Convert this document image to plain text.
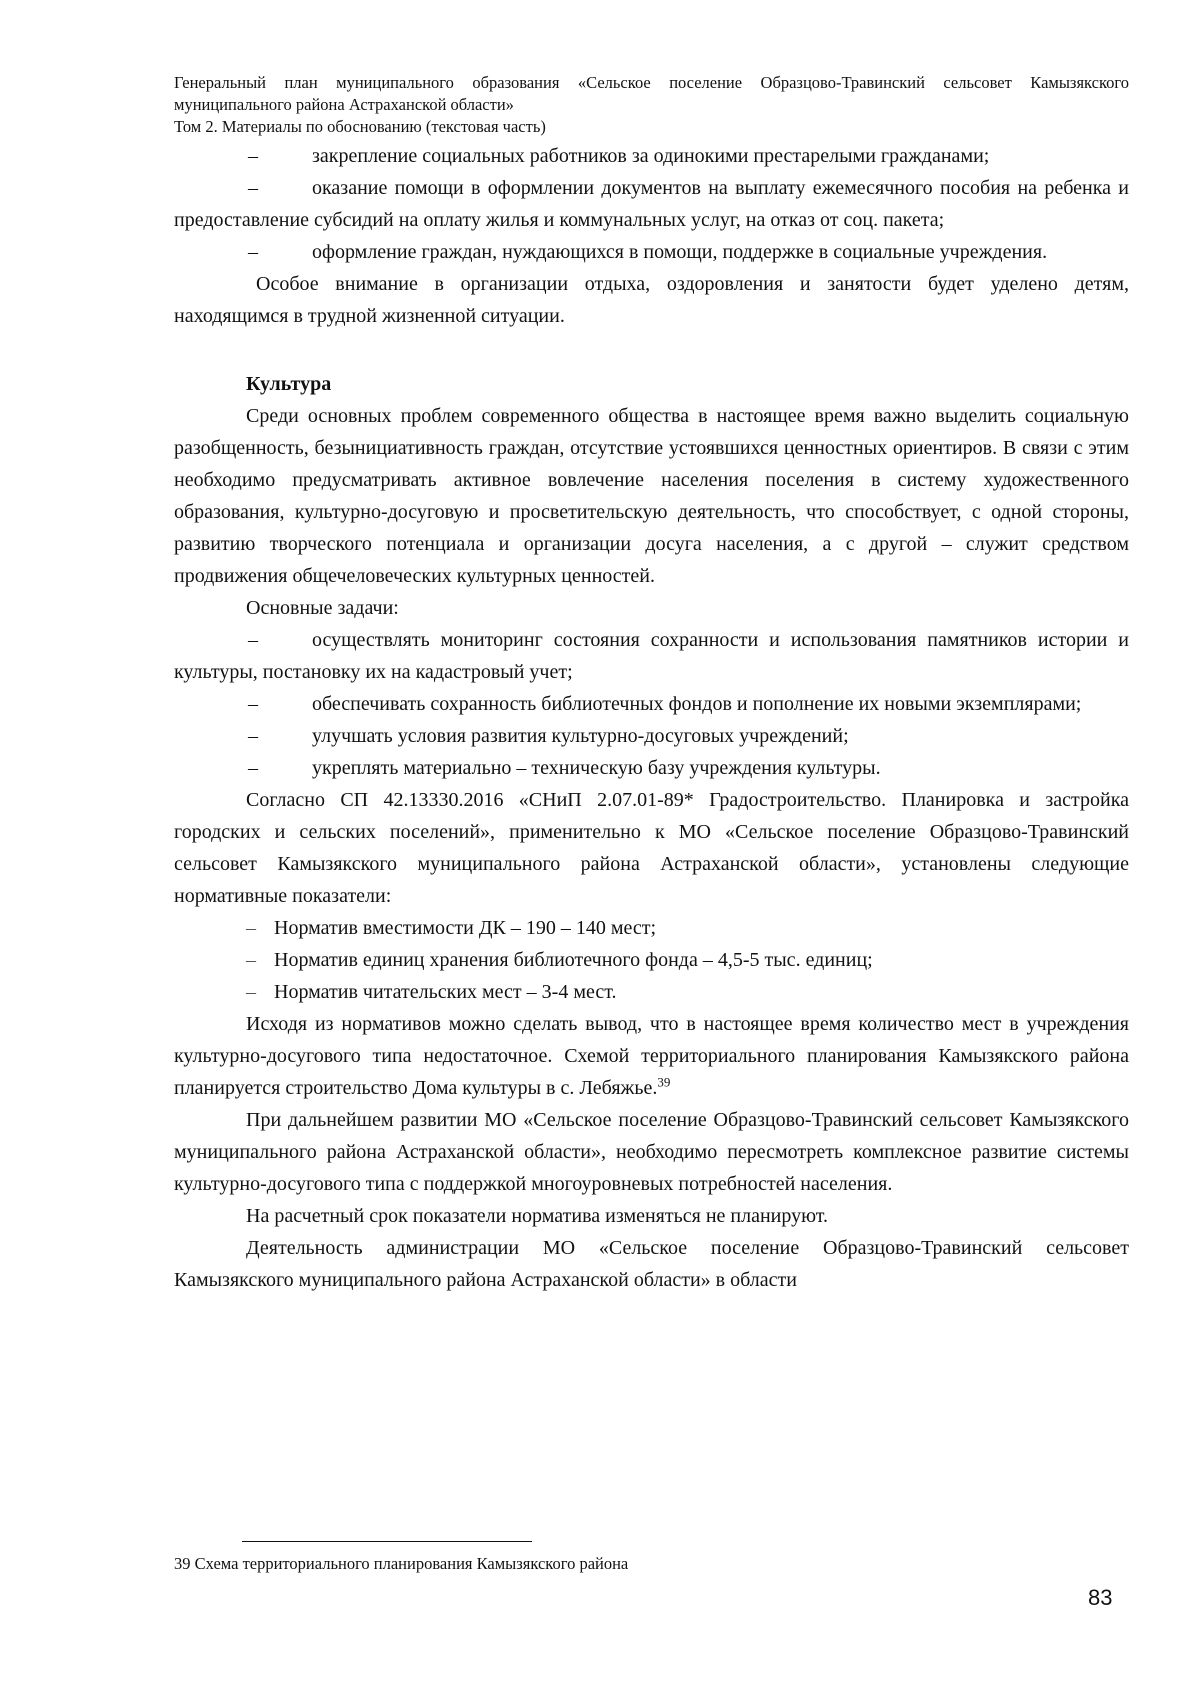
Генеральный план муниципального образования «Сельское поселение Образцово-Травинский сельсовет Камызякского муниципального района Астраханской области»
Том 2. Материалы по обоснованию (текстовая часть)

–	закрепление социальных работников за одинокими престарелыми гражданами;

–	оказание помощи в оформлении документов на выплату ежемесячного пособия на ребенка и предоставление субсидий на оплату жилья и коммунальных услуг, на отказ от соц. пакета;

–	оформление граждан, нуждающихся в помощи, поддержке в социальные учреждения.

Особое внимание в организации отдыха, оздоровления и занятости будет уделено детям, находящимся в трудной жизненной ситуации.

Культура

Среди основных проблем современного общества в настоящее время важно выделить социальную разобщенность, безынициативность граждан, отсутствие устоявшихся ценностных ориентиров. В связи с этим необходимо предусматривать активное вовлечение населения поселения в систему художественного образования, культурно-досуговую и просветительскую деятельность, что способствует, с одной стороны, развитию творческого потенциала и организации досуга населения, а с другой – служит средством продвижения общечеловеческих культурных ценностей.

Основные задачи:

–	осуществлять мониторинг состояния сохранности и использования памятников истории и культуры, постановку их на кадастровый учет;

–	обеспечивать сохранность библиотечных фондов и пополнение их новыми экземплярами;

–	улучшать условия развития культурно-досуговых учреждений;

–	укреплять материально – техническую базу учреждения культуры.

Согласно СП 42.13330.2016 «СНиП 2.07.01-89* Градостроительство. Планировка и застройка городских и сельских поселений», применительно к МО «Сельское поселение Образцово-Травинский сельсовет Камызякского муниципального района Астраханской области», установлены следующие нормативные показатели:

– Норматив вместимости ДК – 190 – 140 мест;

– Норматив единиц хранения библиотечного фонда – 4,5-5 тыс. единиц;

– Норматив читательских мест – 3-4 мест.

Исходя из нормативов можно сделать вывод, что в настоящее время количество мест в учреждения культурно-досугового типа недостаточное. Схемой территориального планирования Камызякского района планируется строительство Дома культуры в с. Лебяжье.$^{39}$

При дальнейшем развитии МО «Сельское поселение Образцово-Травинский сельсовет Камызякского муниципального района Астраханской области», необходимо пересмотреть комплексное развитие системы культурно-досугового типа с поддержкой многоуровневых потребностей населения.

На расчетный срок показатели норматива изменяться не планируют.

Деятельность администрации МО «Сельское поселение Образцово-Травинский сельсовет Камызякского муниципального района Астраханской области» в области

39 Схема территориального планирования Камызякского района
83
